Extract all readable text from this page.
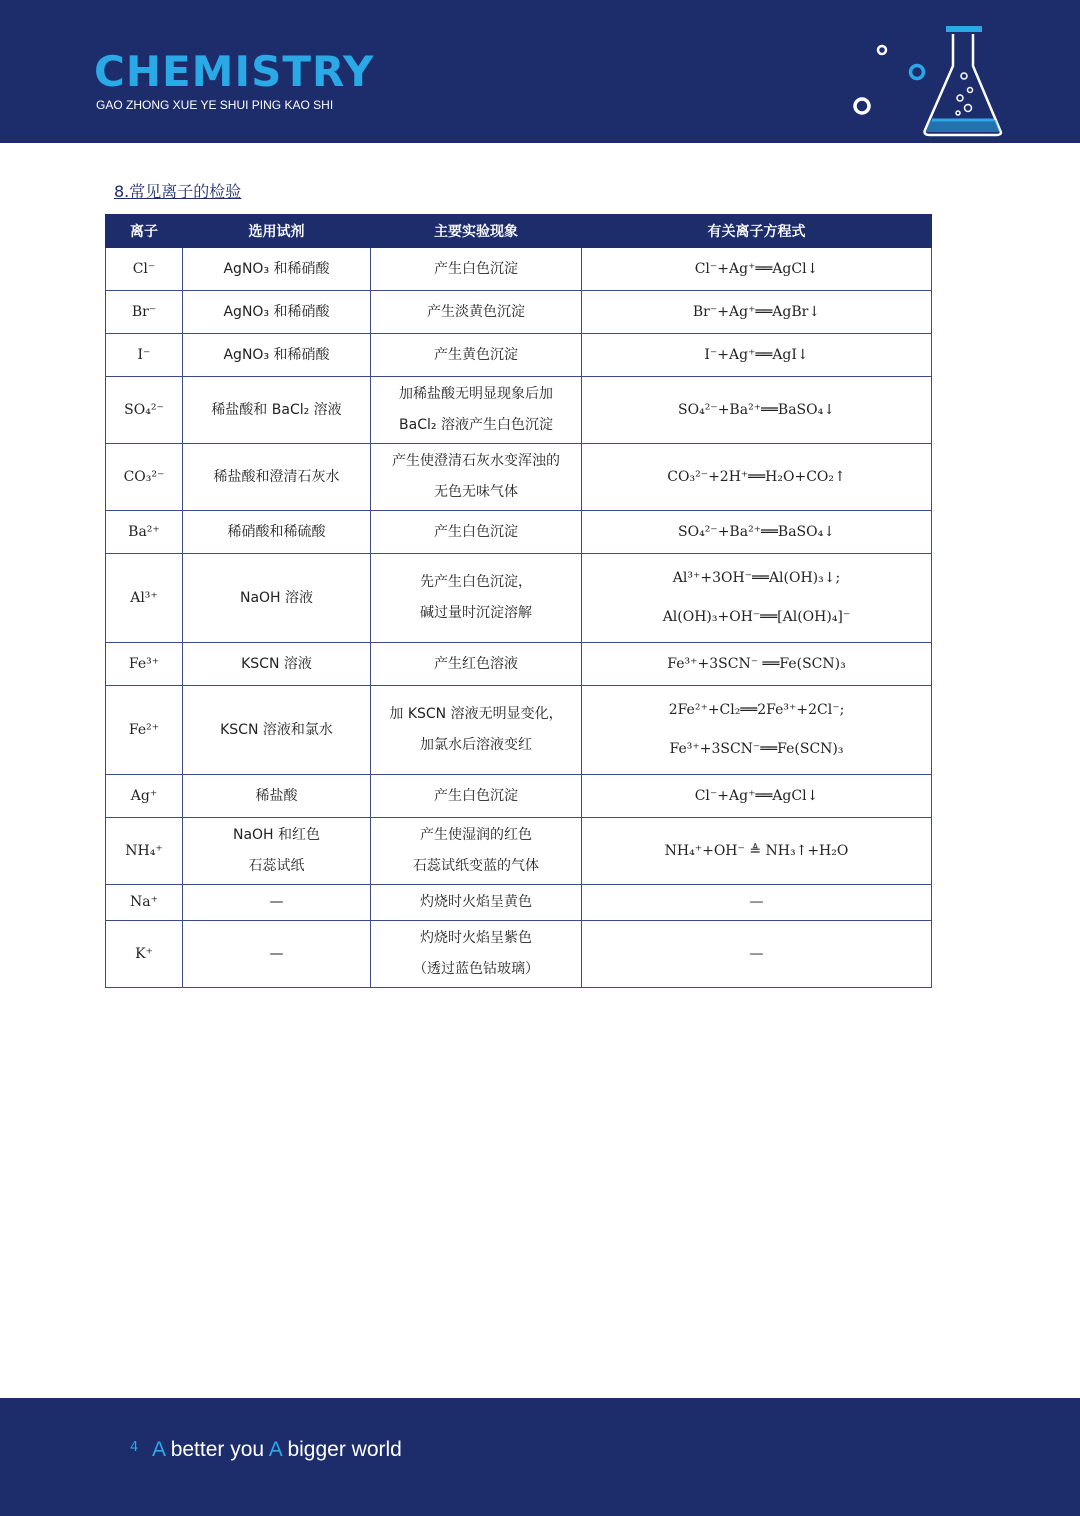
CHEMISTRY
GAO ZHONG XUE YE SHUI PING KAO SHI
8.常见离子的检验
离子	选用试剂	主要实验现象	有关离子方程式
Cl⁻	AgNO₃ 和稀硝酸	产生白色沉淀	Cl⁻+Ag⁺══AgCl↓
Br⁻	AgNO₃ 和稀硝酸	产生淡黄色沉淀	Br⁻+Ag⁺══AgBr↓
I⁻	AgNO₃ 和稀硝酸	产生黄色沉淀	I⁻+Ag⁺══AgI↓
SO₄²⁻	稀盐酸和 BaCl₂ 溶液	加稀盐酸无明显现象后加
BaCl₂ 溶液产生白色沉淀	SO₄²⁻+Ba²⁺══BaSO₄↓
CO₃²⁻	稀盐酸和澄清石灰水	产生使澄清石灰水变浑浊的
无色无味气体	CO₃²⁻+2H⁺══H₂O+CO₂↑
Ba²⁺	稀硝酸和稀硫酸	产生白色沉淀	SO₄²⁻+Ba²⁺══BaSO₄↓
Al³⁺	NaOH 溶液	先产生白色沉淀，
碱过量时沉淀溶解	Al³⁺+3OH⁻══Al(OH)₃↓;
Al(OH)₃+OH⁻══[Al(OH)₄]⁻

Fe³⁺	KSCN 溶液	产生红色溶液	Fe³⁺+3SCN⁻ ══Fe(SCN)₃
Fe²⁺	KSCN 溶液和氯水	加 KSCN 溶液无明显变化，
加氯水后溶液变红	2Fe²⁺+Cl₂══2Fe³⁺+2Cl⁻;
Fe³⁺+3SCN⁻══Fe(SCN)₃

Ag⁺	稀盐酸	产生白色沉淀	Cl⁻+Ag⁺══AgCl↓
NH₄⁺	NaOH 和红色
石蕊试纸	产生使湿润的红色
石蕊试纸变蓝的气体	NH₄⁺+OH⁻ ≜ NH₃↑+H₂O
Na⁺	—	灼烧时火焰呈黄色	—
K⁺	—	灼烧时火焰呈紫色
（透过蓝色钴玻璃）	—
4 A better you A bigger world
